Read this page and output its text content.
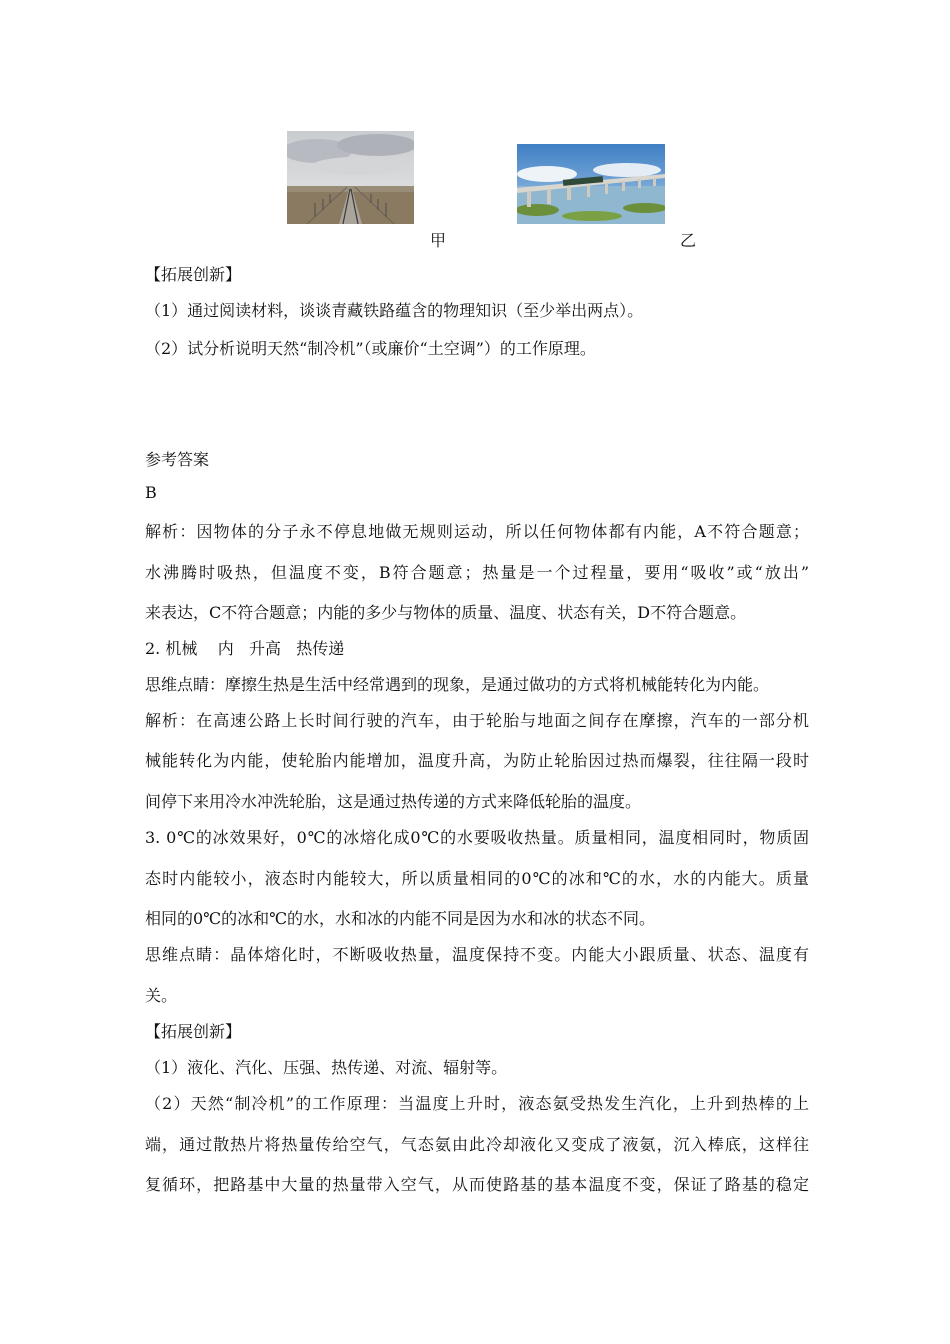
甲	乙
【拓展创新】
（1）通过阅读材料，谈谈青藏铁路蕴含的物理知识（至少举出两点）。
（2）试分析说明天然“制冷机”（或廉价“土空调”）的工作原理。
参考答案
B
解析：因物体的分子永不停息地做无规则运动，所以任何物体都有内能，A不符合题意；
水沸腾时吸热，但温度不变，B符合题意；热量是一个过程量，要用“吸收”或“放出”
来表达，C不符合题意；内能的多少与物体的质量、温度、状态有关，D不符合题意。
2. 机械    内   升高   热传递
思维点睛：摩擦生热是生活中经常遇到的现象，是通过做功的方式将机械能转化为内能。
解析：在高速公路上长时间行驶的汽车，由于轮胎与地面之间存在摩擦，汽车的一部分机
械能转化为内能，使轮胎内能增加，温度升高，为防止轮胎因过热而爆裂，往往隔一段时
间停下来用冷水冲洗轮胎，这是通过热传递的方式来降低轮胎的温度。
3. 0℃的冰效果好，0℃的冰熔化成0℃的水要吸收热量。质量相同，温度相同时，物质固
态时内能较小，液态时内能较大，所以质量相同的0℃的冰和℃的水，水的内能大。质量
相同的0℃的冰和℃的水，水和冰的内能不同是因为水和冰的状态不同。
思维点睛：晶体熔化时，不断吸收热量，温度保持不变。内能大小跟质量、状态、温度有
关。
【拓展创新】
（1）液化、汽化、压强、热传递、对流、辐射等。
（2）天然“制冷机”的工作原理：当温度上升时，液态氨受热发生汽化，上升到热棒的上
端，通过散热片将热量传给空气，气态氨由此冷却液化又变成了液氨，沉入棒底，这样往
复循环，把路基中大量的热量带入空气，从而使路基的基本温度不变，保证了路基的稳定
